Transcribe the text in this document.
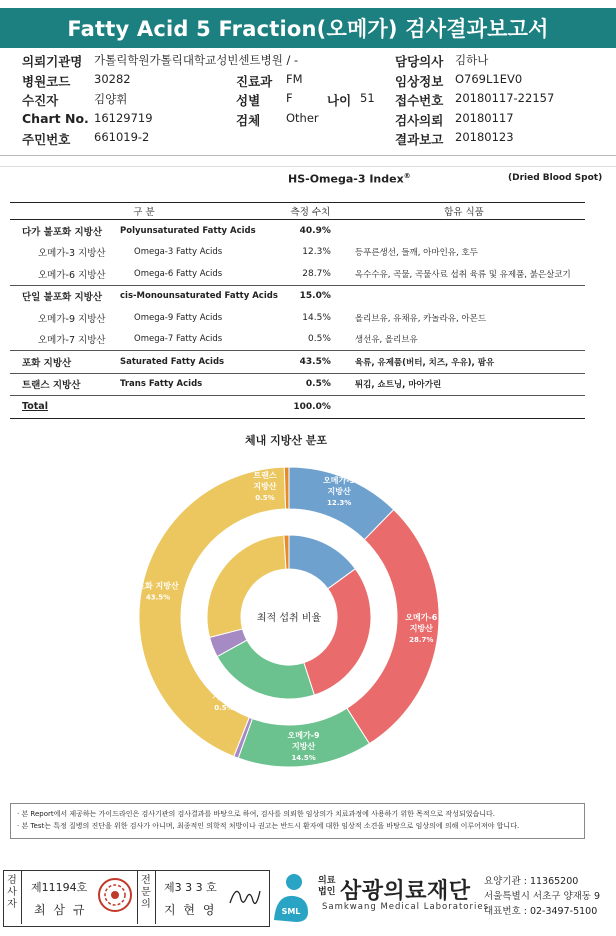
Fatty Acid 5 Fraction(오메가) 검사결과보고서
의뢰기관명 가톨릭학원가톨릭대학교성빈센트병원 / -	담당의사 김하나
병원코드 30282	진료과 FM	임상정보 O769L1EV0
수진자	김양휘	성별 F	나이 51 접수번호 20180117-22157
Chart No. 16129719	검체 Other	검사의뢰 20180117
주민번호 661019-2	결과보고 20180123
HS-Omega-3 Index®	(Dried Blood Spot)
구 분		측정 수치	함유 식품
다가 불포화 지방산	Polyunsaturated Fatty Acids	40.9%	
오메가-3 지방산	Omega-3 Fatty Acids	12.3%	등푸른생선, 들깨, 아마인유, 호두
오메가-6 지방산	Omega-6 Fatty Acids	28.7%	옥수수유, 곡물, 곡물사료 섭취 육류 및 유제품, 붉은살코기
단일 불포화 지방산	cis-Monounsaturated Fatty Acids	15.0%	
오메가-9 지방산	Omega-9 Fatty Acids	14.5%	올리브유, 유채유, 카놀라유, 아몬드
오메가-7 지방산	Omega-7 Fatty Acids	0.5%	생선유, 올리브유
포화 지방산	Saturated Fatty Acids	43.5%	육류, 유제품(버터, 치즈, 우유), 팜유
트랜스 지방산	Trans Fatty Acids	0.5%	튀김, 쇼트닝, 마아가린
Total		100.0%	
체내 지방산 분포
최적 섭취 비율
오메가-3 지방산 12.3%
오메가-6 지방산 28.7%
오메가-9 지방산 14.5%
오메가-7 지방산 0.5%
포화 지방산 43.5%
트랜스 지방산 0.5%
· 본 Report에서 제공하는 가이드라인은 검사기관의 검사결과를 바탕으로 하여, 검사를 의뢰한 임상의가 치료과정에 사용하기 위한 목적으로 작성되었습니다.
· 본 Test는 특정 질병의 진단을 위한 검사가 아니며, 최종적인 의학적 처방이나 권고는 반드시 환자에 대한 임상적 소견을 바탕으로 임상의에 의해 이루어져야 합니다.
검
사
자
제11194호
최 삼 규
전
문
의
제3 3 3 호
지 현 영	SML
의료
법인 삼광의료재단
Samkwang Medical Laboratories
요양기관 : 11365200
서울특별시 서초구 양재동 9
대표번호 : 02-3497-5100
